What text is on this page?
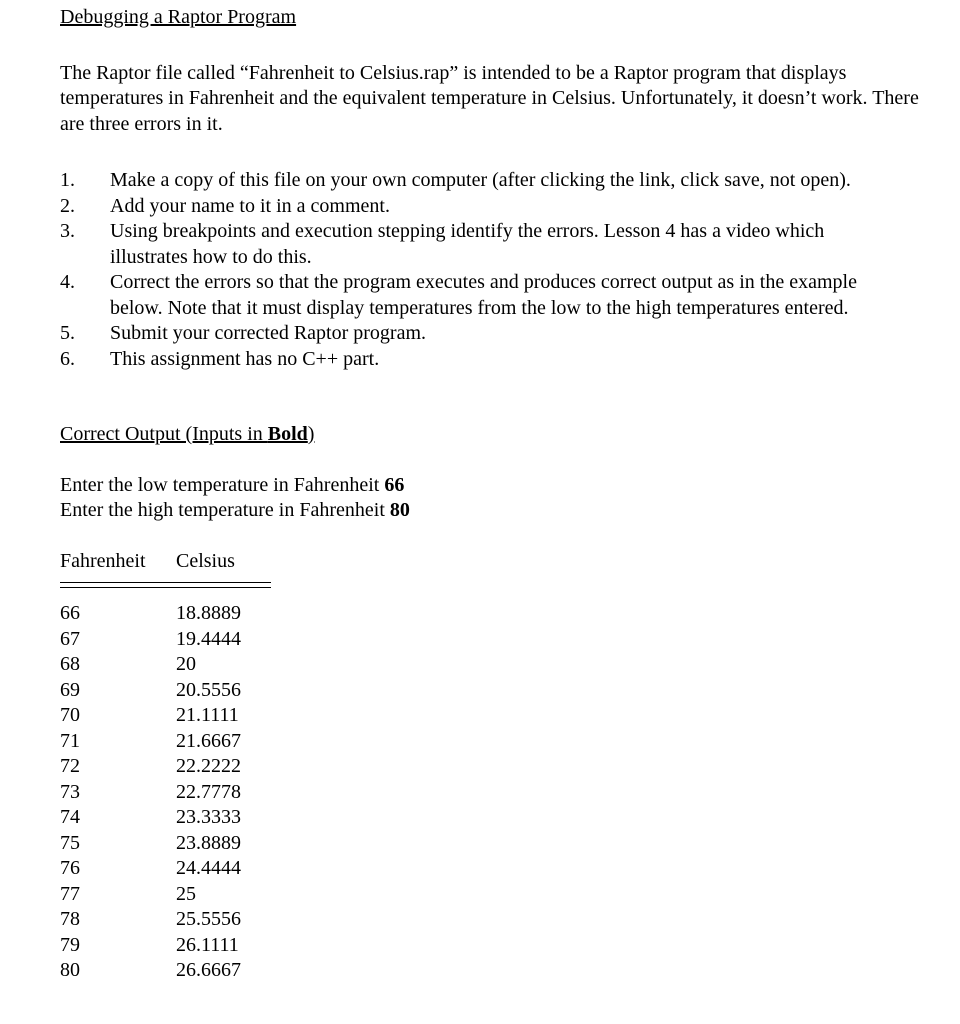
Debugging a Raptor Program

The Raptor file called “Fahrenheit to Celsius.rap” is intended to be a Raptor program that displays temperatures in Fahrenheit and the equivalent temperature in Celsius. Unfortunately, it doesn’t work. There are three errors in it.
1.	Make a copy of this file on your own computer (after clicking the link, click save, not open).
2.	Add your name to it in a comment.
3.	Using breakpoints and execution stepping identify the errors. Lesson 4 has a video which illustrates how to do this.
4.	Correct the errors so that the program executes and produces correct output as in the example below. Note that it must display temperatures from the low to the high temperatures entered.
5.	Submit your corrected Raptor program.
6.	This assignment has no C++ part.
Correct Output (Inputs in Bold)
Enter the low temperature in Fahrenheit 66
Enter the high temperature in Fahrenheit 80
Fahrenheit Celsius
66	18.8889
67	19.4444
68	20
69	20.5556
70	21.1111
71	21.6667
72	22.2222
73	22.7778
74	23.3333
75	23.8889
76	24.4444
77	25
78	25.5556
79	26.1111
80	26.6667
